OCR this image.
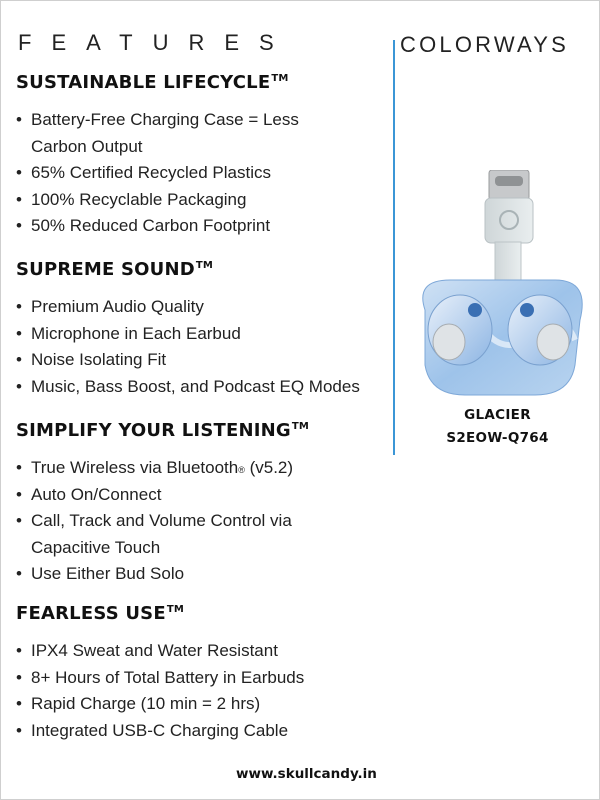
FEATURES
SUSTAINABLE LIFECYCLE™
• Battery-Free Charging Case = Less Carbon Output
• 65% Certified Recycled Plastics
• 100% Recyclable Packaging
• 50% Reduced Carbon Footprint
SUPREME SOUND™
• Premium Audio Quality
• Microphone in Each Earbud
• Noise Isolating Fit
• Music, Bass Boost, and Podcast EQ Modes
SIMPLIFY YOUR LISTENING™
• True Wireless via Bluetooth® (v5.2)
• Auto On/Connect
• Call, Track and Volume Control via Capacitive Touch
• Use Either Bud Solo
FEARLESS USE™
• IPX4 Sweat and Water Resistant
• 8+ Hours of Total Battery in Earbuds
• Rapid Charge (10 min = 2 hrs)
• Integrated USB-C Charging Cable
COLORWAYS
GLACIER
S2EOW-Q764
www.skullcandy.in
